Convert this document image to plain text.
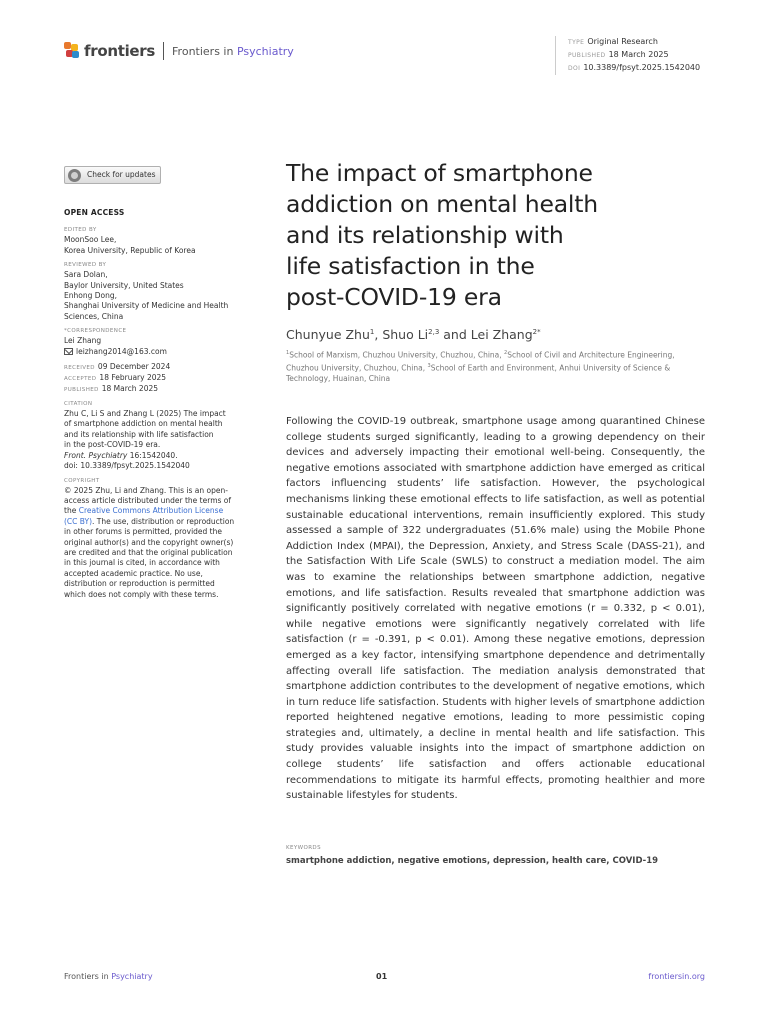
frontiers Frontiers in Psychiatry
TYPE Original Research
PUBLISHED 18 March 2025
DOI 10.3389/fpsyt.2025.1542040
Check for updates
OPEN ACCESS
EDITED BY
MoonSoo Lee,
Korea University, Republic of Korea
REVIEWED BY
Sara Dolan,
Baylor University, United States
Enhong Dong,
Shanghai University of Medicine and Health
Sciences, China
*CORRESPONDENCE
Lei Zhang
leizhang2014@163.com
RECEIVED 09 December 2024
ACCEPTED 18 February 2025
PUBLISHED 18 March 2025
CITATION
Zhu C, Li S and Zhang L (2025) The impact
of smartphone addiction on mental health
and its relationship with life satisfaction
in the post-COVID-19 era.
Front. Psychiatry 16:1542040.
doi: 10.3389/fpsyt.2025.1542040
COPYRIGHT
© 2025 Zhu, Li and Zhang. This is an open-
access article distributed under the terms of
the Creative Commons Attribution License
(CC BY). The use, distribution or reproduction
in other forums is permitted, provided the
original author(s) and the copyright owner(s)
are credited and that the original publication
in this journal is cited, in accordance with
accepted academic practice. No use,
distribution or reproduction is permitted
which does not comply with these terms.
The impact of smartphone
addiction on mental health
and its relationship with
life satisfaction in the
post-COVID-19 era
Chunyue Zhu$^1$, Shuo Li$^{2,3}$ and Lei Zhang$^{2*}$
$^1$School of Marxism, Chuzhou University, Chuzhou, China, $^2$School of Civil and Architecture Engineering, Chuzhou University, Chuzhou, China, $^3$School of Earth and Environment, Anhui University of Science & Technology, Huainan, China
Following the COVID-19 outbreak, smartphone usage among quarantined Chinese college students surged significantly, leading to a growing dependency on their devices and adversely impacting their emotional well-being. Consequently, the negative emotions associated with smartphone addiction have emerged as critical factors influencing students’ life satisfaction. However, the psychological mechanisms linking these emotional effects to life satisfaction, as well as potential sustainable educational interventions, remain insufficiently explored. This study assessed a sample of 322 undergraduates (51.6% male) using the Mobile Phone Addiction Index (MPAI), the Depression, Anxiety, and Stress Scale (DASS-21), and the Satisfaction With Life Scale (SWLS) to construct a mediation model. The aim was to examine the relationships between smartphone addiction, negative emotions, and life satisfaction. Results revealed that smartphone addiction was significantly positively correlated with negative emotions (r = 0.332, p < 0.01), while negative emotions were significantly negatively correlated with life satisfaction (r = -0.391, p < 0.01). Among these negative emotions, depression emerged as a key factor, intensifying smartphone dependence and detrimentally affecting overall life satisfaction. The mediation analysis demonstrated that smartphone addiction contributes to the development of negative emotions, which in turn reduce life satisfaction. Students with higher levels of smartphone addiction reported heightened negative emotions, leading to more pessimistic coping strategies and, ultimately, a decline in mental health and life satisfaction. This study provides valuable insights into the impact of smartphone addiction on college students’ life satisfaction and offers actionable educational recommendations to mitigate its harmful effects, promoting healthier and more sustainable lifestyles for students.
KEYWORDS
smartphone addiction, negative emotions, depression, health care, COVID-19
Frontiers in Psychiatry	01	frontiersin.org
